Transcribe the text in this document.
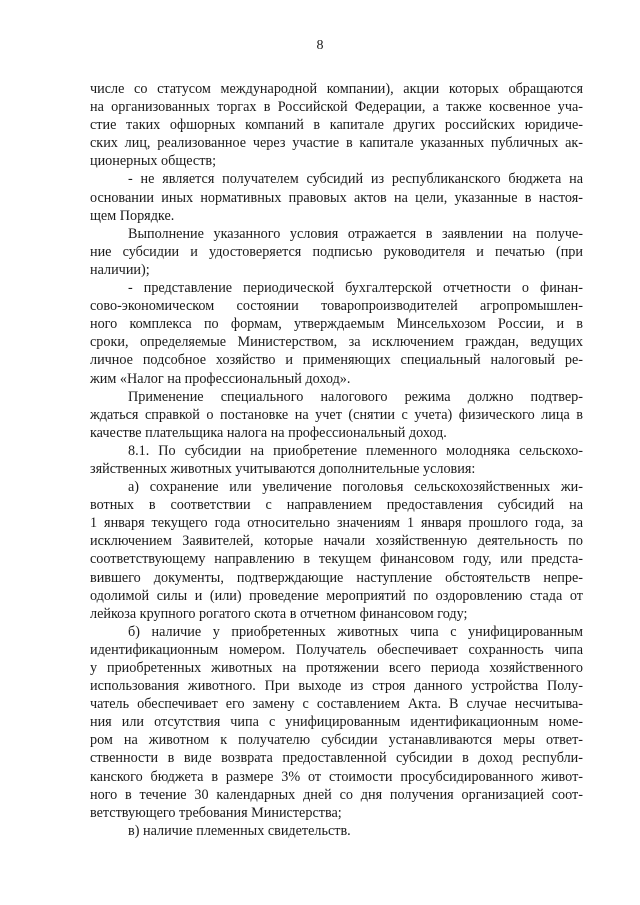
8
числе со статусом международной компании), акции которых обращаются
на организованных торгах в Российской Федерации, а также косвенное уча-
стие таких офшорных компаний в капитале других российских юридиче-
ских лиц, реализованное через участие в капитале указанных публичных ак-
ционерных обществ;
- не является получателем субсидий из республиканского бюджета на
основании иных нормативных правовых актов на цели, указанные в настоя-
щем Порядке.
Выполнение указанного условия отражается в заявлении на получе-
ние субсидии и удостоверяется подписью руководителя и печатью (при
наличии);
- представление периодической бухгалтерской отчетности о финан-
сово-экономическом состоянии товаропроизводителей агропромышлен-
ного комплекса по формам, утверждаемым Минсельхозом России, и в
сроки, определяемые Министерством, за исключением граждан, ведущих
личное подсобное хозяйство и применяющих специальный налоговый ре-
жим «Налог на профессиональный доход».
Применение специального налогового режима должно подтвер-
ждаться справкой о постановке на учет (снятии с учета) физического лица в
качестве плательщика налога на профессиональный доход.
8.1. По субсидии на приобретение племенного молодняка сельскохо-
зяйственных животных учитываются дополнительные условия:
а) сохранение или увеличение поголовья сельскохозяйственных жи-
вотных в соответствии с направлением предоставления субсидий на
1 января текущего года относительно значениям 1 января прошлого года, за
исключением Заявителей, которые начали хозяйственную деятельность по
соответствующему направлению в текущем финансовом году, или предста-
вившего документы, подтверждающие наступление обстоятельств непре-
одолимой силы и (или) проведение мероприятий по оздоровлению стада от
лейкоза крупного рогатого скота в отчетном финансовом году;
б) наличие у приобретенных животных чипа с унифицированным
идентификационным номером. Получатель обеспечивает сохранность чипа
у приобретенных животных на протяжении всего периода хозяйственного
использования животного. При выходе из строя данного устройства Полу-
чатель обеспечивает его замену с составлением Акта. В случае несчитыва-
ния или отсутствия чипа с унифицированным идентификационным номе-
ром на животном к получателю субсидии устанавливаются меры ответ-
ственности в виде возврата предоставленной субсидии в доход республи-
канского бюджета в размере 3% от стоимости просубсидированного живот-
ного в течение 30 календарных дней со дня получения организацией соот-
ветствующего требования Министерства;
в) наличие племенных свидетельств.
